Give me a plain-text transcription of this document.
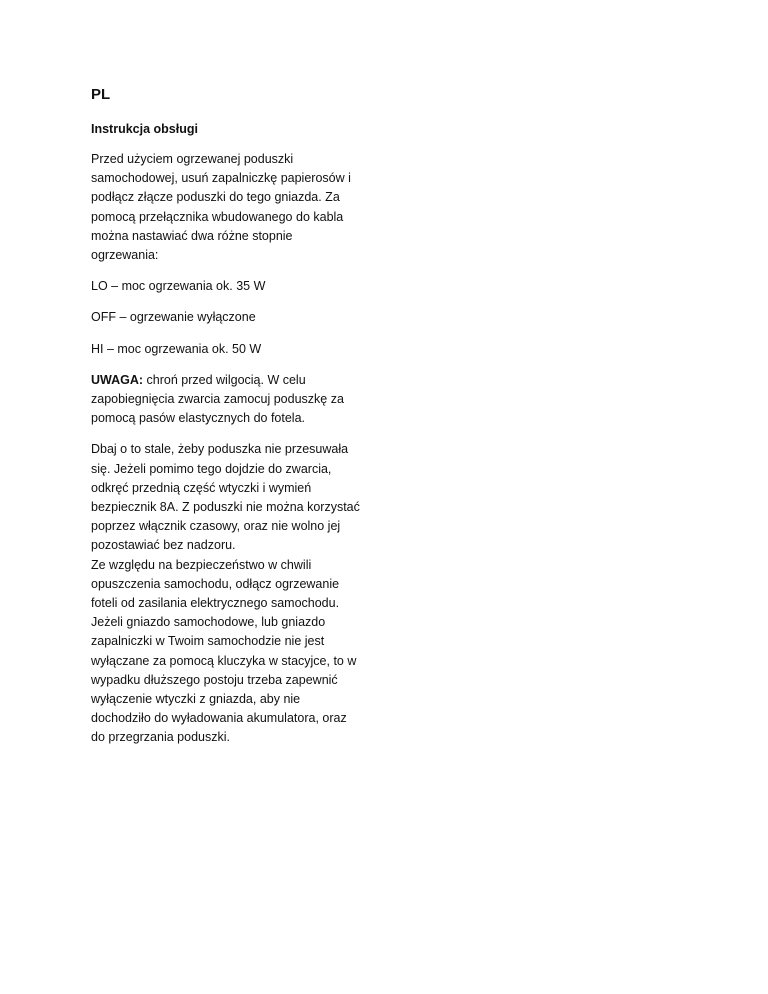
PL
Instrukcja obsługi

Przed użyciem ogrzewanej poduszki samochodowej, usuń zapalniczkę papierosów i podłącz złącze poduszki do tego gniazda. Za pomocą przełącznika wbudowanego do kabla można nastawiać dwa różne stopnie ogrzewania:

LO – moc ogrzewania ok. 35 W

OFF – ogrzewanie wyłączone

HI – moc ogrzewania ok. 50 W

UWAGA: chroń przed wilgocią. W celu zapobiegnięcia zwarcia zamocuj poduszkę za pomocą pasów elastycznych do fotela.

Dbaj o to stale, żeby poduszka nie przesuwała się. Jeżeli pomimo tego dojdzie do zwarcia, odkręć przednią część wtyczki i wymień bezpiecznik 8A. Z poduszki nie można korzystać poprzez włącznik czasowy, oraz nie wolno jej pozostawiać bez nadzoru.
Ze względu na bezpieczeństwo w chwili opuszczenia samochodu, odłącz ogrzewanie foteli od zasilania elektrycznego samochodu.
Jeżeli gniazdo samochodowe, lub gniazdo zapalniczki w Twoim samochodzie nie jest wyłączane za pomocą kluczyka w stacyjce, to w wypadku dłuższego postoju trzeba zapewnić wyłączenie wtyczki z gniazda, aby nie dochodziło do wyładowania akumulatora, oraz do przegrzania poduszki.
